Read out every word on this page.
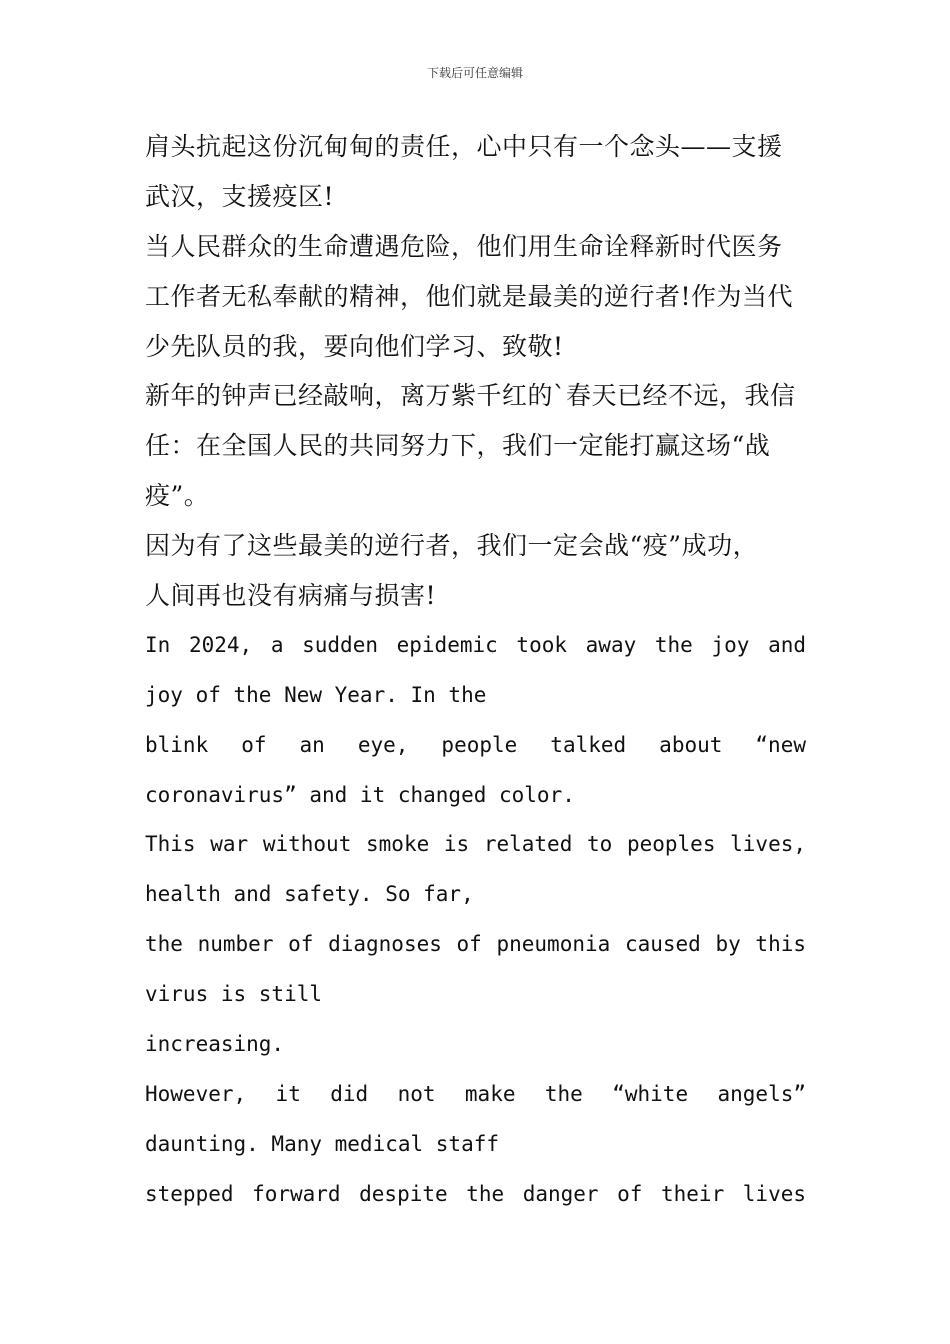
下载后可任意编辑
肩头抗起这份沉甸甸的责任，心中只有一个念头——支援
武汉，支援疫区!
当人民群众的生命遭遇危险，他们用生命诠释新时代医务
工作者无私奉献的精神，他们就是最美的逆行者!作为当代
少先队员的我，要向他们学习、致敬!
新年的钟声已经敲响，离万紫千红的`春天已经不远，我信
任：在全国人民的共同努力下，我们一定能打赢这场“战
疫”。
因为有了这些最美的逆行者，我们一定会战“疫”成功，
人间再也没有病痛与损害!
In 2024, a sudden epidemic took away the joy and
joy of the New Year. In the
blink of an eye, people talked about “new
coronavirus” and it changed color.
This war without smoke is related to peoples lives,
health and safety. So far,
the number of diagnoses of pneumonia caused by this
virus is still
increasing.
However, it did not make the “white angels”
daunting. Many medical staff
stepped forward despite the danger of their lives
